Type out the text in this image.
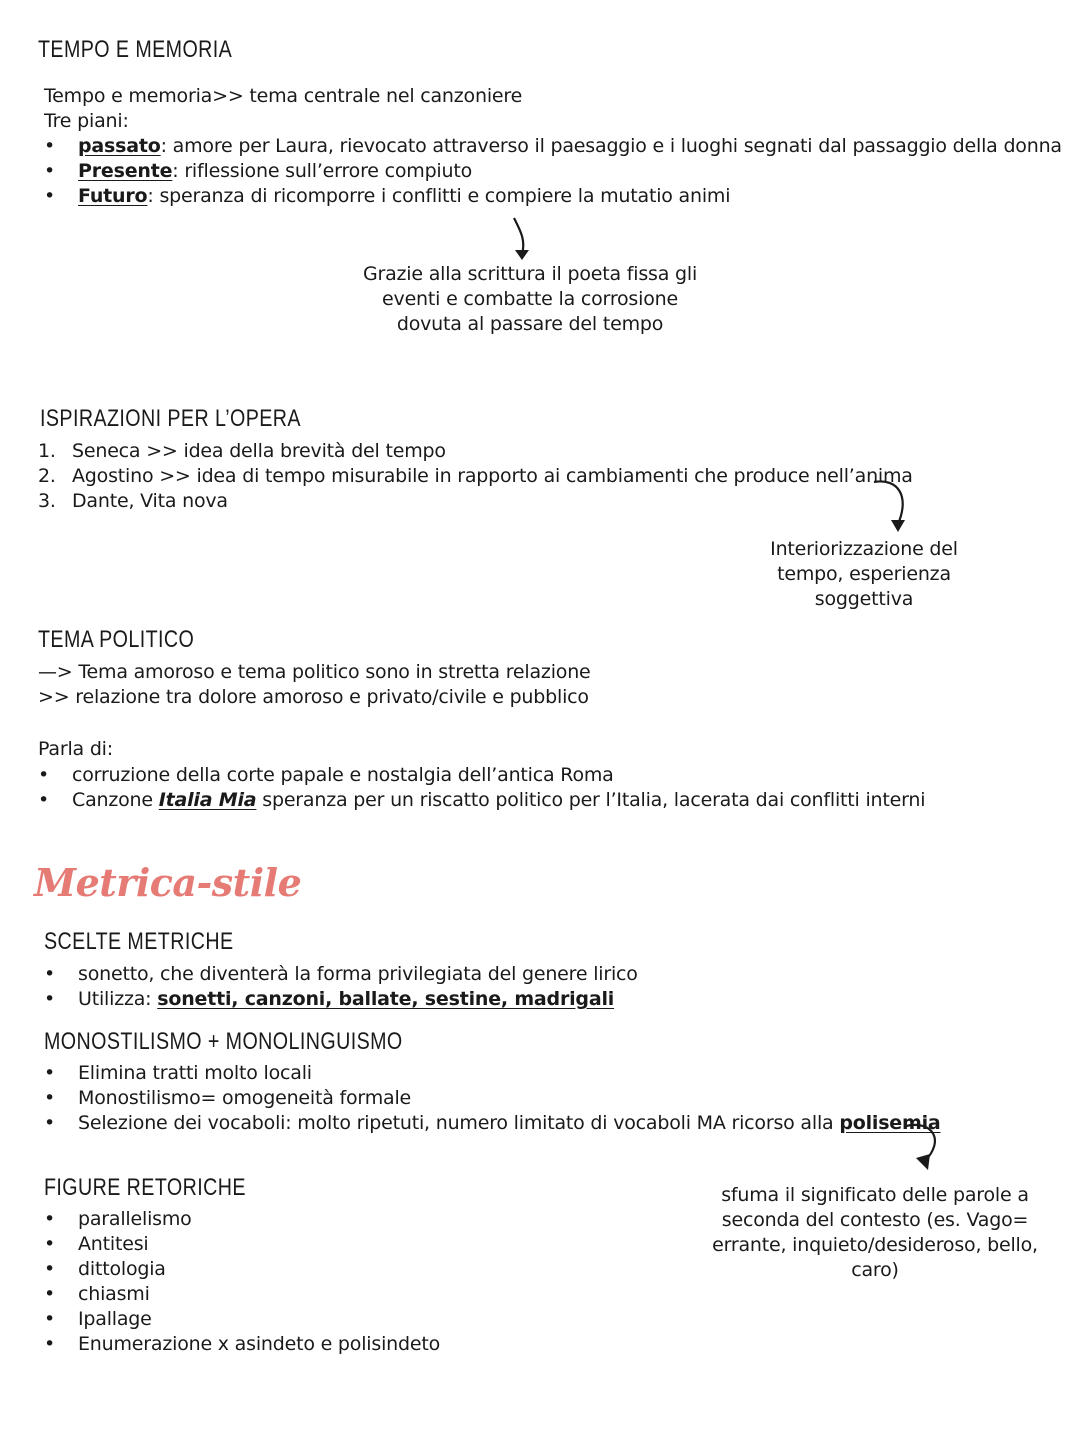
TEMPO E MEMORIA
Tempo e memoria>> tema centrale nel canzoniere
Tre piani:
• passato: amore per Laura, rievocato attraverso il paesaggio e i luoghi segnati dal passaggio della donna
• Presente: riflessione sull’errore compiuto
• Futuro: speranza di ricomporre i conflitti e compiere la mutatio animi
Grazie alla scrittura il poeta fissa gli
eventi e combatte la corrosione
dovuta al passare del tempo
ISPIRAZIONI PER L’OPERA
1. Seneca >> idea della brevità del tempo
2. Agostino >> idea di tempo misurabile in rapporto ai cambiamenti che produce nell’anima
3. Dante, Vita nova
Interiorizzazione del
tempo, esperienza
soggettiva
TEMA POLITICO
—> Tema amoroso e tema politico sono in stretta relazione
>> relazione tra dolore amoroso e privato/civile e pubblico
Parla di:
• corruzione della corte papale e nostalgia dell’antica Roma
• Canzone Italia Mia speranza per un riscatto politico per l’Italia, lacerata dai conflitti interni
Metrica-stile
SCELTE METRICHE
• sonetto, che diventerà la forma privilegiata del genere lirico
• Utilizza: sonetti, canzoni, ballate, sestine, madrigali
MONOSTILISMO + MONOLINGUISMO
• Elimina tratti molto locali
• Monostilismo= omogeneità formale
• Selezione dei vocaboli: molto ripetuti, numero limitato di vocaboli MA ricorso alla polisemia
sfuma il significato delle parole a
seconda del contesto (es. Vago=
errante, inquieto/desideroso, bello,
caro)
FIGURE RETORICHE
• parallelismo
• Antitesi
• dittologia
• chiasmi
• Ipallage
• Enumerazione x asindeto e polisindeto
